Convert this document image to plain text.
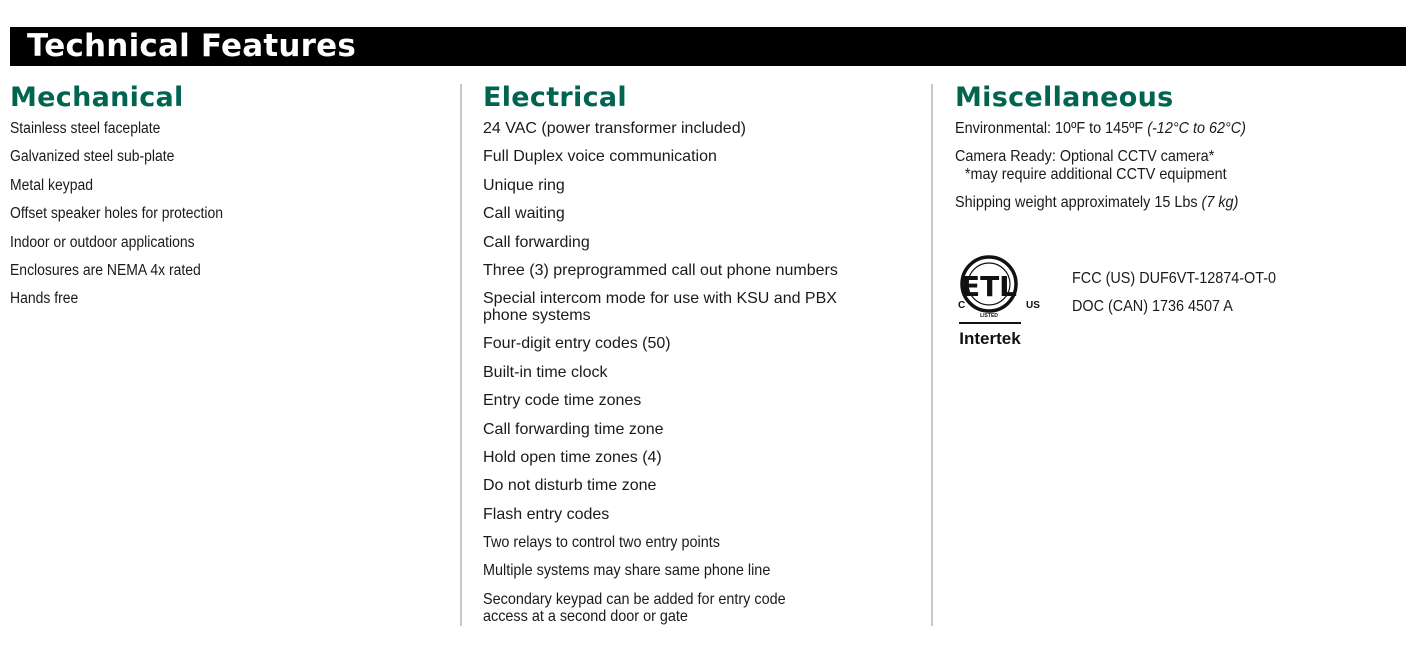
Technical Features
Mechanical
Stainless steel faceplate
Galvanized steel sub-plate
Metal keypad
Offset speaker holes for protection
Indoor or outdoor applications
Enclosures are NEMA 4x rated
Hands free
Electrical
24 VAC (power transformer included)
Full Duplex voice communication
Unique ring
Call waiting
Call forwarding
Three (3) preprogrammed call out phone numbers
Special intercom mode for use with KSU and PBX phone systems
Four-digit entry codes (50)
Built-in time clock
Entry code time zones
Call forwarding time zone
Hold open time zones (4)
Do not disturb time zone
Flash entry codes
Two relays to control two entry points
Multiple systems may share same phone line
Secondary keypad can be added for entry code access at a second door or gate
Miscellaneous
Environmental: 10ºF to 145ºF (-12°C to 62°C)
Camera Ready: Optional CCTV camera*
*may require additional CCTV equipment
Shipping weight approximately 15 Lbs (7 kg)
ETL
C	US
LISTED
Intertek
FCC (US) DUF6VT-12874-OT-0
DOC (CAN) 1736 4507 A
